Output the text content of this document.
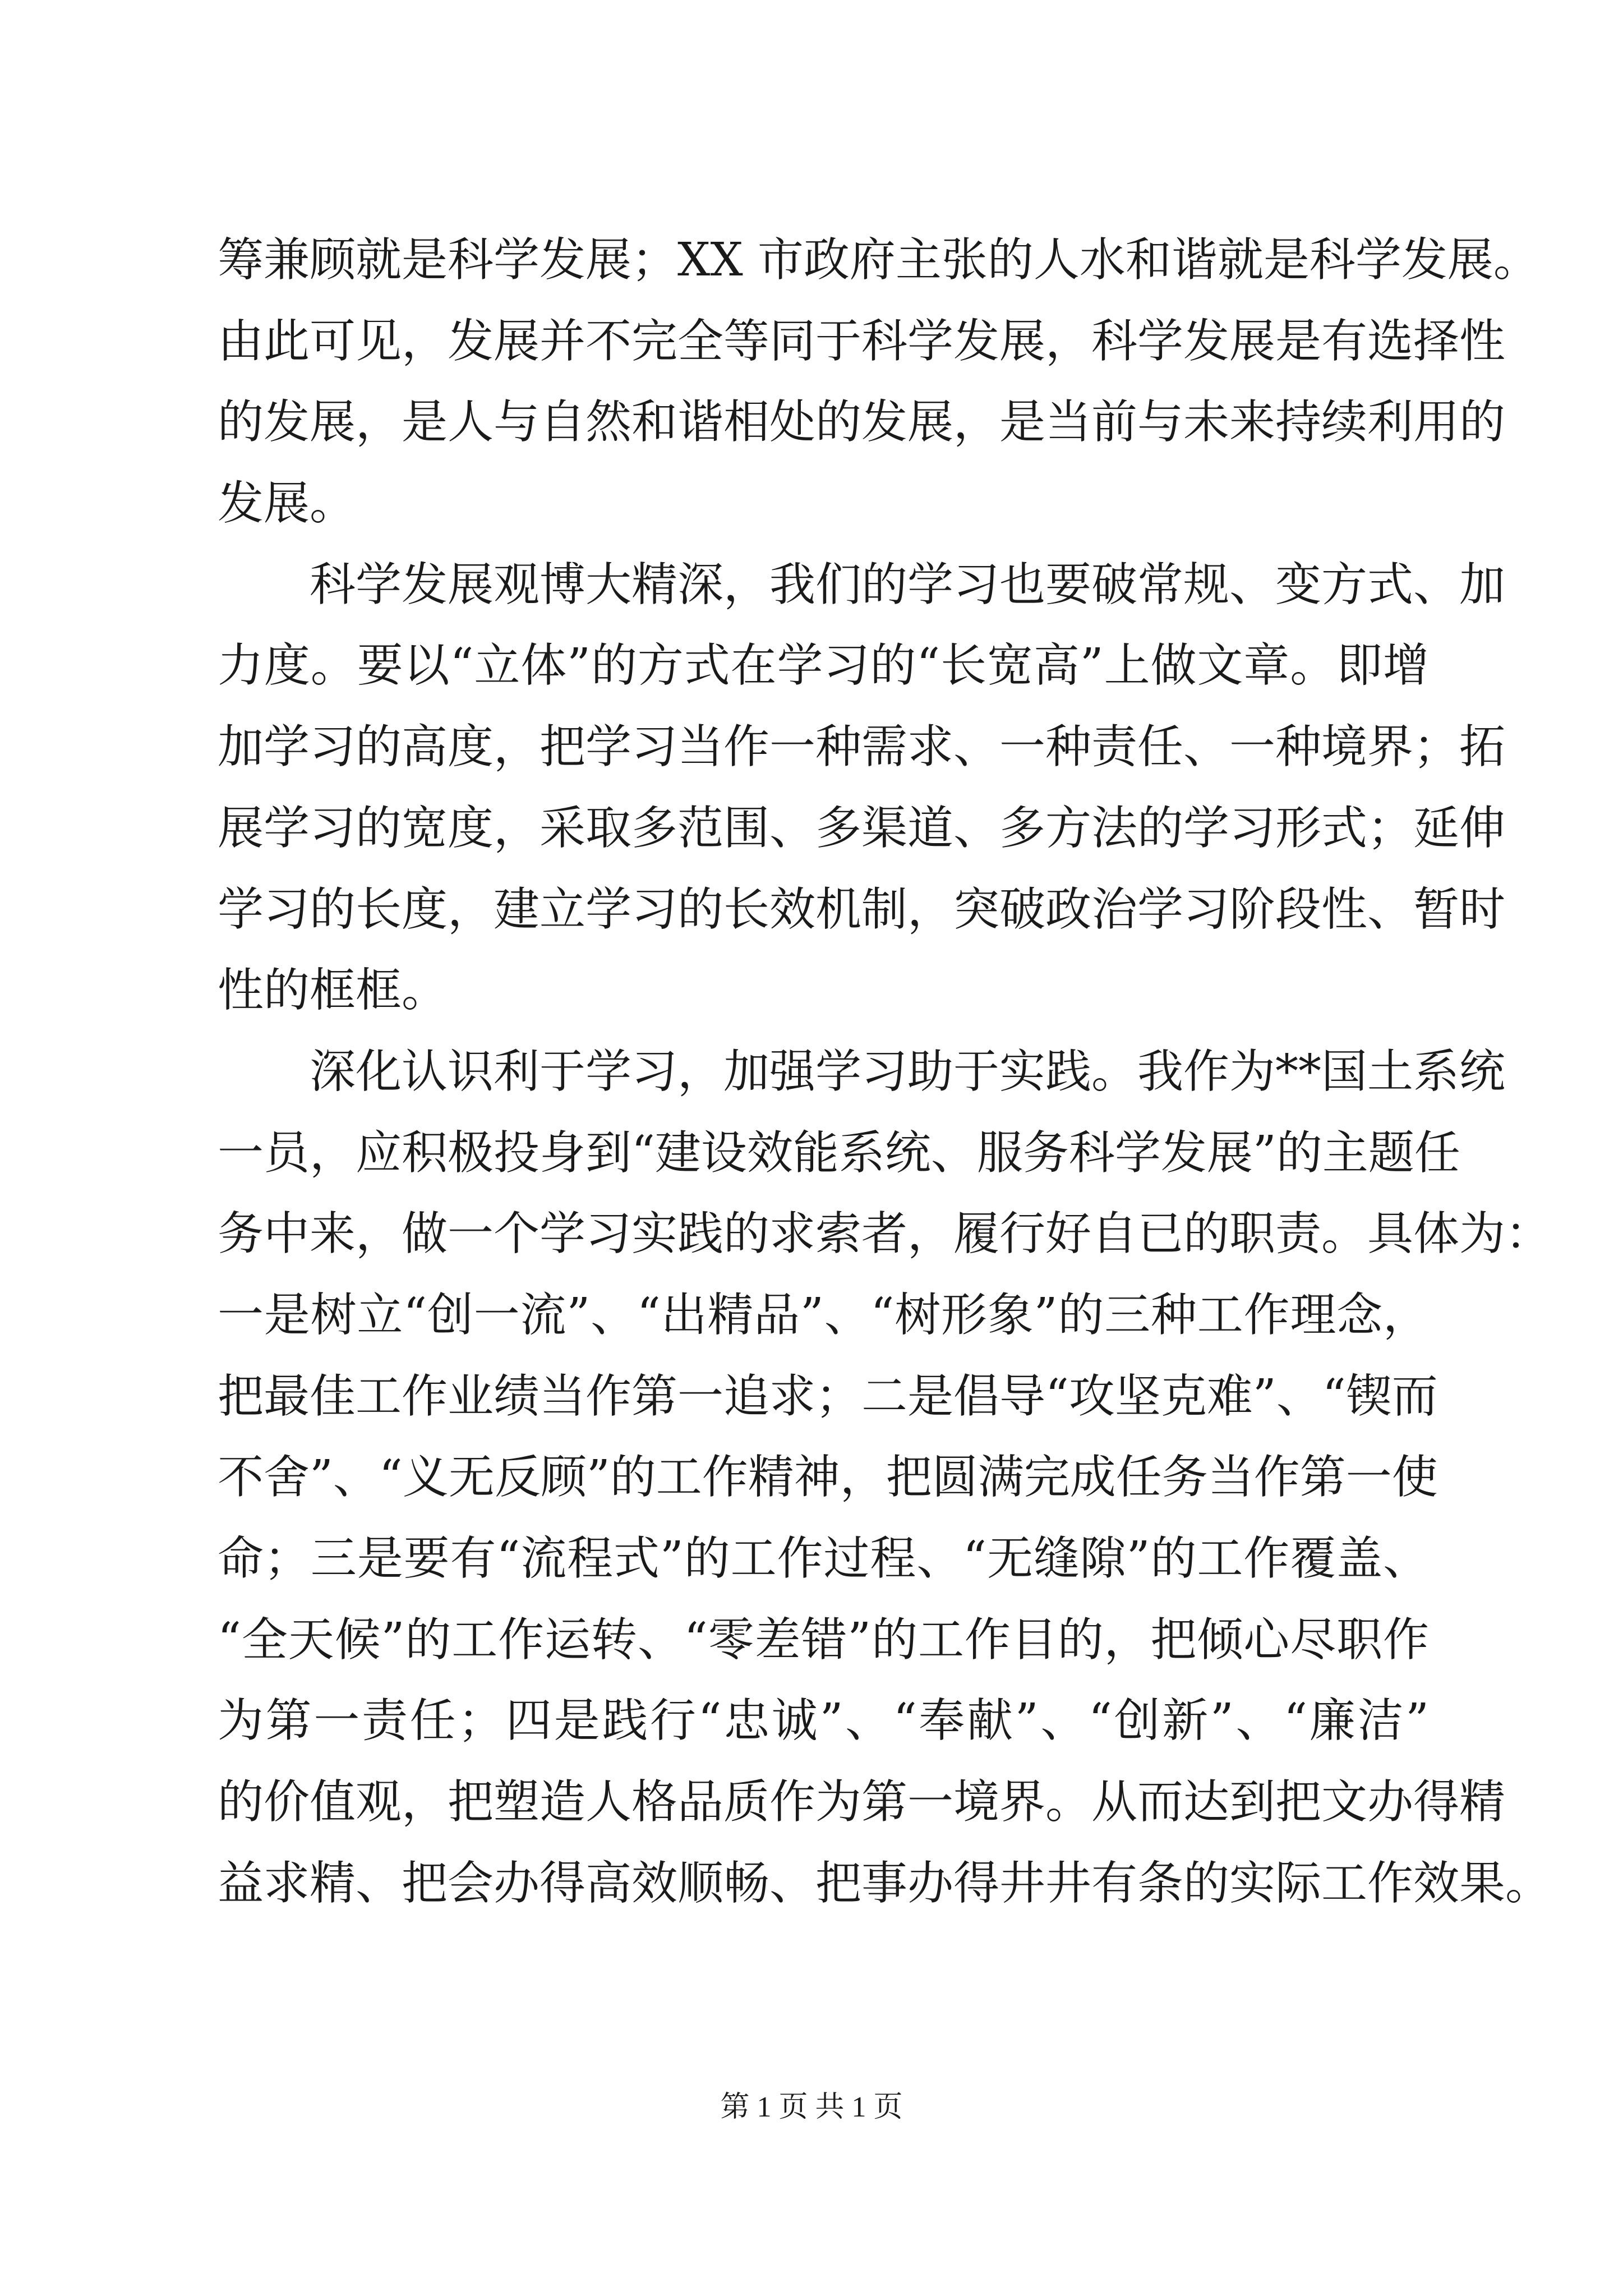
筹兼顾就是科学发展；XX 市政府主张的人水和谐就是科学发展。
由此可见，发展并不完全等同于科学发展，科学发展是有选择性
的发展，是人与自然和谐相处的发展，是当前与未来持续利用的
发展。
　　科学发展观博大精深，我们的学习也要破常规、变方式、加
力度。要以“立体”的方式在学习的“长宽高”上做文章。即增
加学习的高度，把学习当作一种需求、一种责任、一种境界；拓
展学习的宽度，采取多范围、多渠道、多方法的学习形式；延伸
学习的长度，建立学习的长效机制，突破政治学习阶段性、暂时
性的框框。
　　深化认识利于学习，加强学习助于实践。我作为**国土系统
一员，应积极投身到“建设效能系统、服务科学发展”的主题任
务中来，做一个学习实践的求索者，履行好自已的职责。具体为：
一是树立“创一流”、“出精品”、“树形象”的三种工作理念，
把最佳工作业绩当作第一追求；二是倡导“攻坚克难”、“锲而
不舍”、“义无反顾”的工作精神，把圆满完成任务当作第一使
命；三是要有“流程式”的工作过程、“无缝隙”的工作覆盖、
“全天候”的工作运转、“零差错”的工作目的，把倾心尽职作
为第一责任；四是践行“忠诚”、“奉献”、“创新”、“廉洁”
的价值观，把塑造人格品质作为第一境界。从而达到把文办得精
益求精、把会办得高效顺畅、把事办得井井有条的实际工作效果。
第 1 页 共 1 页
